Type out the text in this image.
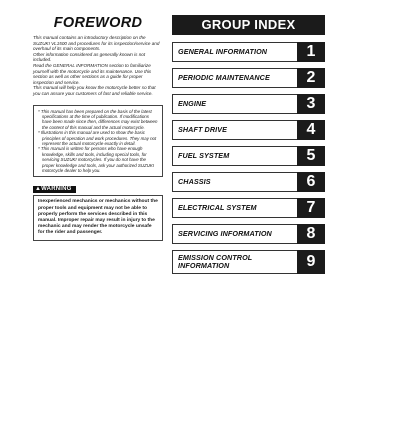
FOREWORD

This manual contains an introductory description on the SUZUKI VL1500 and procedures for its inspection/service and overhaul of its main components.

Other information considered as generally known is not included.

Read the GENERAL INFORMATION section to familiarize yourself with the motorcycle and its maintenance. Use this section as well as other sections as a guide for proper inspection and service.

This manual will help you know the motorcycle better so that you can assure your customers of fast and reliable service.

* This manual has been prepared on the basis of the latest specifications at the time of publication. If modifications have been made since then, differences may exist between the content of this manual and the actual motorcycle.

* Illustrations in this manual are used to show the basic principles of operation and work procedures. They may not represent the actual motorcycle exactly in detail.

* This manual is written for persons who have enough knowledge, skills and tools, including special tools, for servicing SUZUKI motorcycles. If you do not have the proper knowledge and tools, ask your authorized SUZUKI motorcycle dealer to help you.

▲WARNING

Inexperienced mechanics or mechanics without the proper tools and equipment may not be able to properly perform the services described in this manual. Improper repair may result in injury to the mechanic and may render the motorcycle unsafe for the rider and passenger.

GROUP INDEX
GENERAL INFORMATION	1
PERIODIC MAINTENANCE	2
ENGINE	3
SHAFT DRIVE	4
FUEL SYSTEM	5
CHASSIS	6
ELECTRICAL SYSTEM	7
SERVICING INFORMATION	8
EMISSION CONTROL INFORMATION	9
